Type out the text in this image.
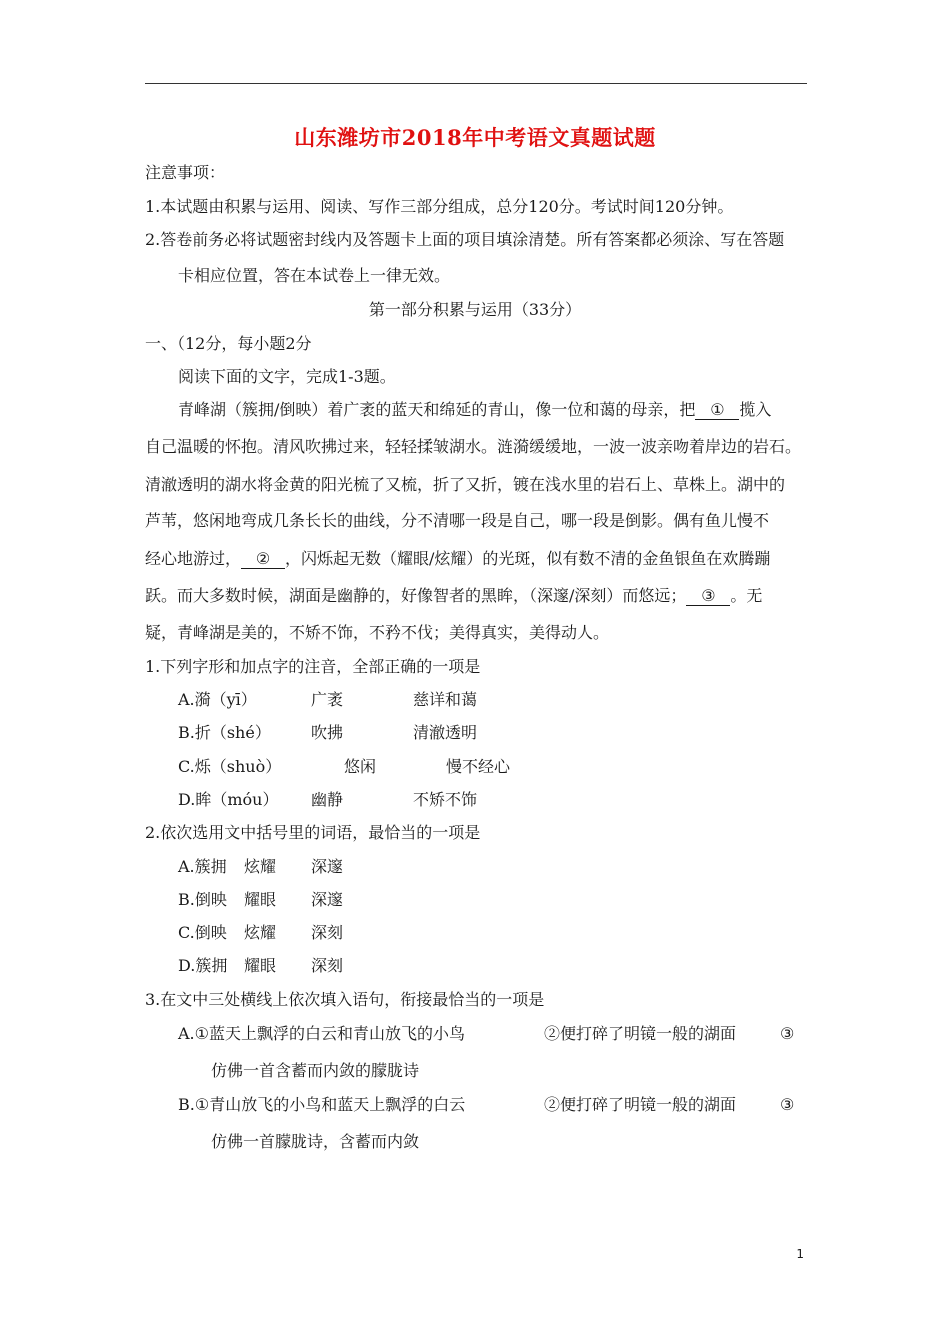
山东潍坊市2018年中考语文真题试题
注意事项：
1.本试题由积累与运用、阅读、写作三部分组成，总分120分。考试时间120分钟。
2.答卷前务必将试题密封线内及答题卡上面的项目填涂清楚。所有答案都必须涂、写在答题
卡相应位置，答在本试卷上一律无效。
第一部分积累与运用（33分）
一、（12分，每小题2分
阅读下面的文字，完成1-3题。
青峰湖（簇拥/倒映）着广袤的蓝天和绵延的青山，像一位和蔼的母亲，把 ① 揽入
自己温暖的怀抱。清风吹拂过来，轻轻揉皱湖水。涟漪缓缓地，一波一波亲吻着岸边的岩石。
清澈透明的湖水将金黄的阳光梳了又梳，折了又折，镀在浅水里的岩石上、草株上。湖中的
芦苇，悠闲地弯成几条长长的曲线，分不清哪一段是自己，哪一段是倒影。偶有鱼儿慢不
经心地游过， ② ，闪烁起无数（耀眼/炫耀）的光斑，似有数不清的金鱼银鱼在欢腾蹦
跃。而大多数时候，湖面是幽静的，好像智者的黑眸，（深邃/深刻）而悠远； ③ 。无
疑，青峰湖是美的，不矫不饰，不矜不伐；美得真实，美得动人。
1.下列字形和加点字的注音，全部正确的一项是
A.漪（yī）	广袤	慈详和蔼
B.折（shé）	吹拂	清澈透明
C.烁（shuò）	悠闲	慢不经心
D.眸（móu） 幽静	不矫不饰
2.依次选用文中括号里的词语，最恰当的一项是
A.簇拥 炫耀 深邃
B.倒映 耀眼 深邃
C.倒映 炫耀 深刻
D.簇拥 耀眼 深刻
3.在文中三处横线上依次填入语句，衔接最恰当的一项是
A.①蓝天上飘浮的白云和青山放飞的小鸟	②便打碎了明镜一般的湖面	③
仿佛一首含蓄而内敛的朦胧诗
B.①青山放飞的小鸟和蓝天上飘浮的白云	②便打碎了明镜一般的湖面	③
仿佛一首朦胧诗，含蓄而内敛
1
